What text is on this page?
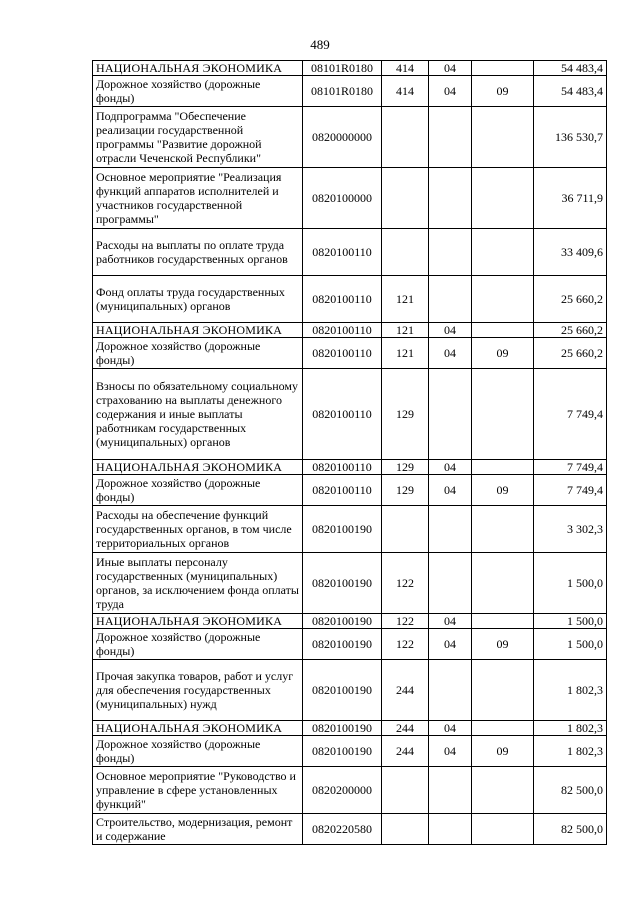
489
НАЦИОНАЛЬНАЯ ЭКОНОМИКА	08101R0180	414	04		54 483,4
Дорожное хозяйство (дорожные фонды)	08101R0180	414	04	09	54 483,4
Подпрограмма "Обеспечение реализации государственной программы "Развитие дорожной отрасли Чеченской Республики"	0820000000				136 530,7
Основное мероприятие "Реализация функций аппаратов исполнителей и участников государственной программы"	0820100000				36 711,9
Расходы на выплаты по оплате труда работников государственных органов	0820100110				33 409,6
Фонд оплаты труда государственных (муниципальных) органов	0820100110	121			25 660,2
НАЦИОНАЛЬНАЯ ЭКОНОМИКА	0820100110	121	04		25 660,2
Дорожное хозяйство (дорожные фонды)	0820100110	121	04	09	25 660,2
Взносы по обязательному социальному страхованию на выплаты денежного содержания и иные выплаты работникам государственных (муниципальных) органов	0820100110	129			7 749,4
НАЦИОНАЛЬНАЯ ЭКОНОМИКА	0820100110	129	04		7 749,4
Дорожное хозяйство (дорожные фонды)	0820100110	129	04	09	7 749,4
Расходы на обеспечение функций государственных органов, в том числе территориальных органов	0820100190				3 302,3
Иные выплаты персоналу государственных (муниципальных) органов, за исключением фонда оплаты труда	0820100190	122			1 500,0
НАЦИОНАЛЬНАЯ ЭКОНОМИКА	0820100190	122	04		1 500,0
Дорожное хозяйство (дорожные фонды)	0820100190	122	04	09	1 500,0
Прочая закупка товаров, работ и услуг для обеспечения государственных (муниципальных) нужд	0820100190	244			1 802,3
НАЦИОНАЛЬНАЯ ЭКОНОМИКА	0820100190	244	04		1 802,3
Дорожное хозяйство (дорожные фонды)	0820100190	244	04	09	1 802,3
Основное мероприятие "Руководство и управление в сфере установленных функций"	0820200000				82 500,0
Строительство, модернизация, ремонт и содержание	0820220580				82 500,0
